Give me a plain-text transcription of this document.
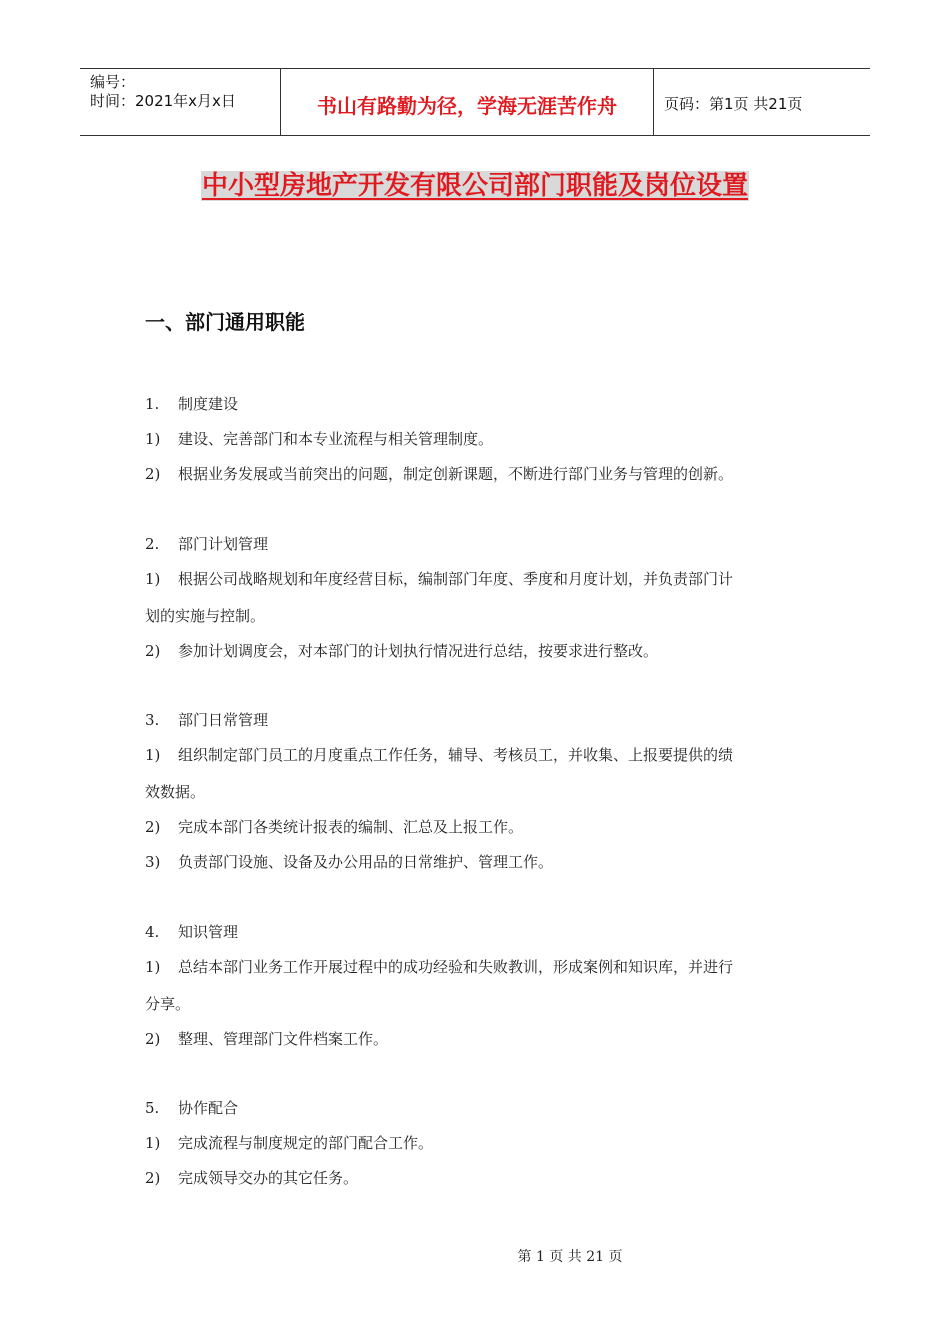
编号：
时间：2021年x月x日	书山有路勤为径，学海无涯苦作舟	页码：第1页 共21页
中小型房地产开发有限公司部门职能及岗位设置
一、部门通用职能
1. 制度建设
1) 建设、完善部门和本专业流程与相关管理制度。
2) 根据业务发展或当前突出的问题，制定创新课题，不断进行部门业务与管理的创新。
2. 部门计划管理
1) 根据公司战略规划和年度经营目标，编制部门年度、季度和月度计划，并负责部门计
划的实施与控制。
2) 参加计划调度会，对本部门的计划执行情况进行总结，按要求进行整改。
3. 部门日常管理
1) 组织制定部门员工的月度重点工作任务，辅导、考核员工，并收集、上报要提供的绩
效数据。
2) 完成本部门各类统计报表的编制、汇总及上报工作。
3) 负责部门设施、设备及办公用品的日常维护、管理工作。
4. 知识管理
1) 总结本部门业务工作开展过程中的成功经验和失败教训，形成案例和知识库，并进行
分享。
2) 整理、管理部门文件档案工作。
5. 协作配合
1) 完成流程与制度规定的部门配合工作。
2) 完成领导交办的其它任务。
第 1 页 共 21 页
